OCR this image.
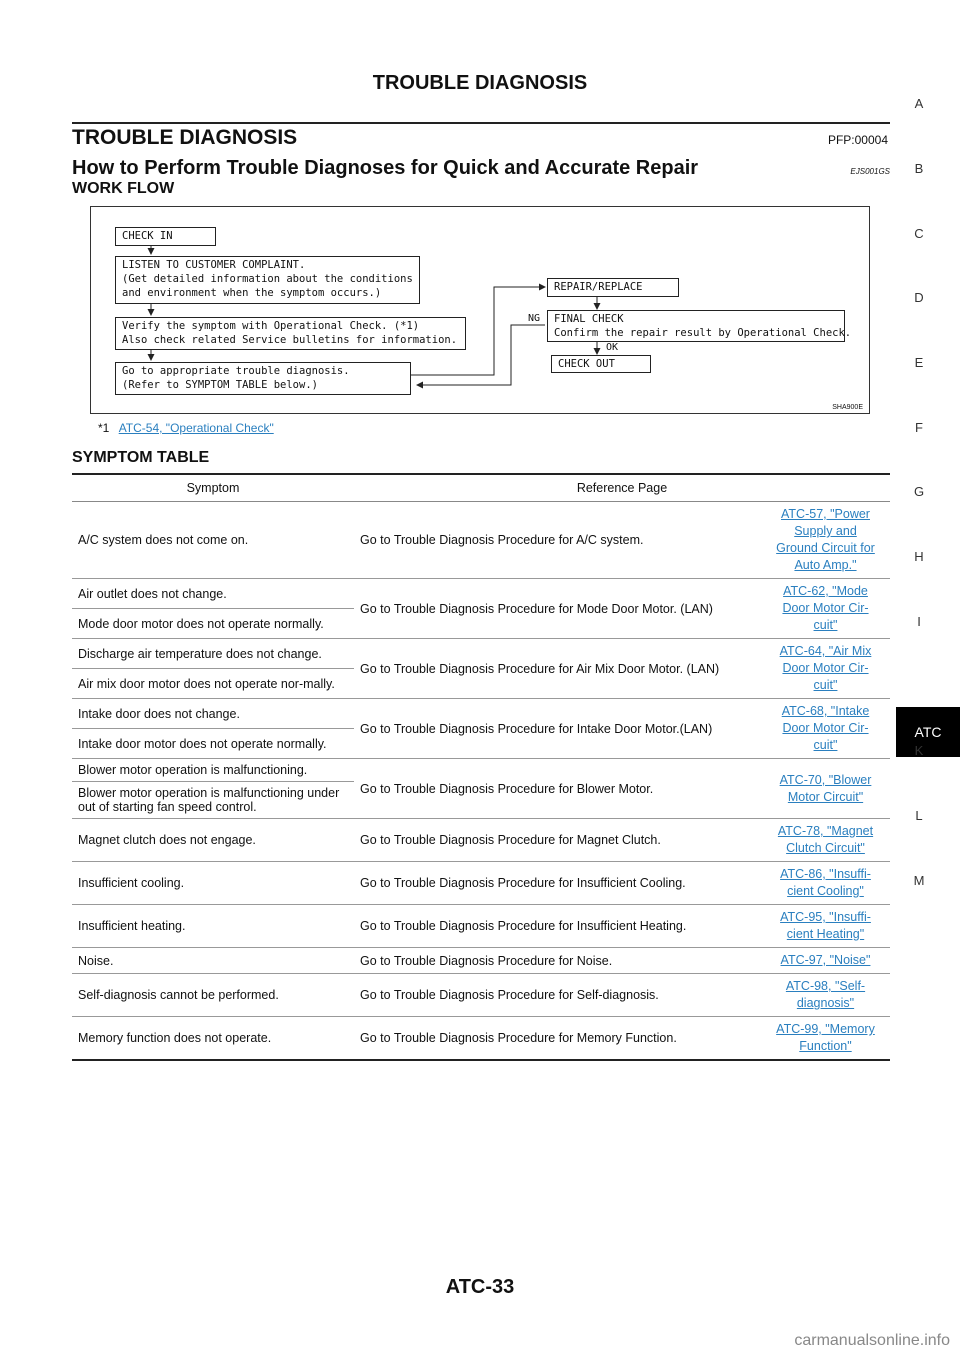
TROUBLE DIAGNOSIS
TROUBLE DIAGNOSIS	PFP:00004
How to Perform Trouble Diagnoses for Quick and Accurate Repair	EJS001GS
WORK FLOW
CHECK IN
LISTEN TO CUSTOMER COMPLAINT.
(Get detailed information about the conditions
and environment when the symptom occurs.)
Verify the symptom with Operational Check. (*1)
Also check related Service bulletins for information.
Go to appropriate trouble diagnosis.
(Refer to SYMPTOM TABLE below.)
REPAIR/REPLACE
FINAL CHECK
Confirm the repair result by Operational Check.
CHECK OUT
NG
OK
SHA900E
*1 ATC-54, "Operational Check"
SYMPTOM TABLE
Symptom	Reference Page	
A/C system does not come on.	Go to Trouble Diagnosis Procedure for A/C system.	ATC-57, "Power
Supply and
Ground Circuit for
Auto Amp."
Air outlet does not change.	Go to Trouble Diagnosis Procedure for Mode Door Motor. (LAN)	ATC-62, "Mode
Door Motor Cir-
cuit"
Mode door motor does not operate normally.		
Discharge air temperature does not change.	Go to Trouble Diagnosis Procedure for Air Mix Door Motor. (LAN)	ATC-64, "Air Mix
Door Motor Cir-
cuit"
Air mix door motor does not operate nor-mally.		
Intake door does not change.	Go to Trouble Diagnosis Procedure for Intake Door Motor.(LAN)	ATC-68, "Intake
Door Motor Cir-
cuit"
Intake door motor does not operate normally.		
Blower motor operation is malfunctioning.	Go to Trouble Diagnosis Procedure for Blower Motor.	ATC-70, "Blower
Motor Circuit"
Blower motor operation is malfunctioning under out of starting fan speed control.		
Magnet clutch does not engage.	Go to Trouble Diagnosis Procedure for Magnet Clutch.	ATC-78, "Magnet
Clutch Circuit"
Insufficient cooling.	Go to Trouble Diagnosis Procedure for Insufficient Cooling.	ATC-86, "Insuffi-
cient Cooling"
Insufficient heating.	Go to Trouble Diagnosis Procedure for Insufficient Heating.	ATC-95, "Insuffi-
cient Heating"
Noise.	Go to Trouble Diagnosis Procedure for Noise.	ATC-97, "Noise"
Self-diagnosis cannot be performed.	Go to Trouble Diagnosis Procedure for Self-diagnosis.	ATC-98, "Self-
diagnosis"
Memory function does not operate.	Go to Trouble Diagnosis Procedure for Memory Function.	ATC-99, "Memory
Function"
A
B
C
D
E
F
G
H
I
ATC
K
L
M
ATC-33
carmanualsonline.info
